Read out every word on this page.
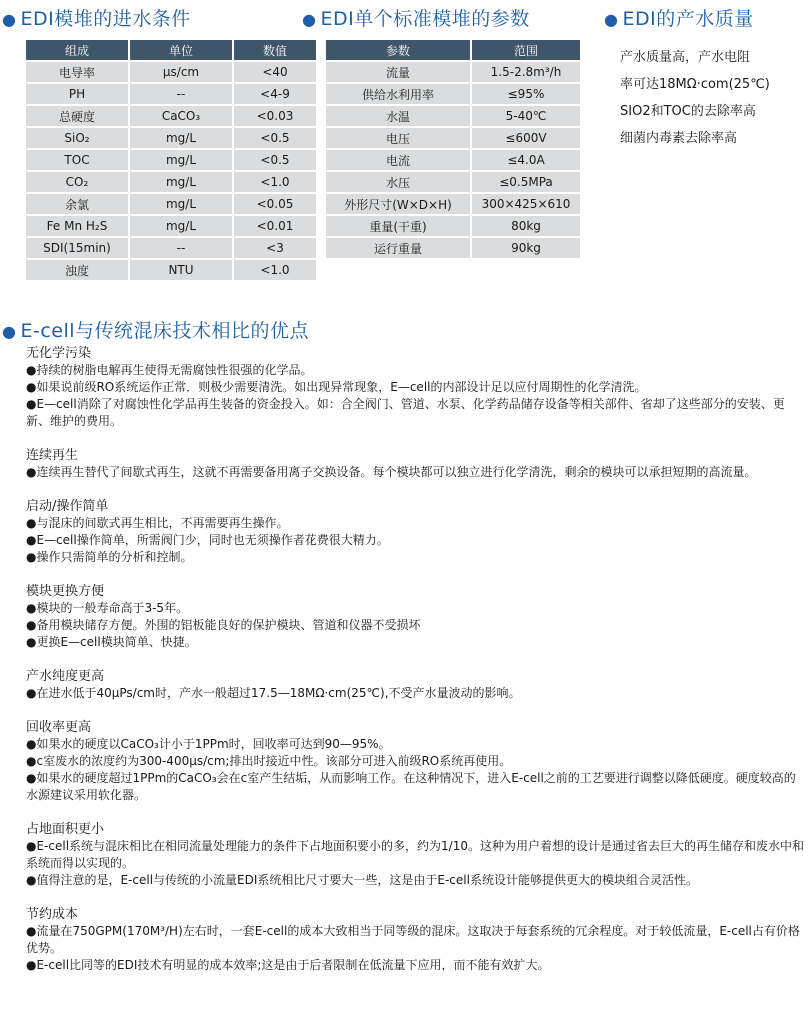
● EDI模堆的进水条件	● EDI单个标准模堆的参数	● EDI的产水质量
组成	单位	数值
电导率	μs/cm	<40
PH	--	<4-9
总硬度	CaCO₃	<0.03
SiO₂	mg/L	<0.5
TOC	mg/L	<0.5
CO₂	mg/L	<1.0
余氯	mg/L	<0.05
Fe Mn H₂S	mg/L	<0.01
SDI(15min)	--	<3
浊度	NTU	<1.0
参数	范围
流量	1.5-2.8m³/h
供给水利用率	≤95%
水温	5-40℃
电压	≤600V
电流	≤4.0A
水压	≤0.5MPa
外形尺寸(W×D×H)	300×425×610
重量(干重)	80kg
运行重量	90kg

产水质量高，产水电阻

率可达18MΩ·com(25℃)

SIO2和TOC的去除率高

细菌内毒素去除率高

● E-cell与传统混床技术相比的优点
无化学污染
●持续的树脂电解再生使得无需腐蚀性很强的化学品。
●如果说前级RO系统运作正常．则极少需要清洗。如出现异常现象，E—cell的内部设计足以应付周期性的化学清洗。
●E—cell消除了对腐蚀性化学品再生装备的资金投入。如：合全阀门、管道、水泵、化学药品储存设备等相关部件、省却了这些部分的安装、更新、维护的费用。
连续再生
●连续再生替代了间歇式再生，这就不再需要备用离子交换设备。每个模块都可以独立进行化学清洗，剩余的模块可以承担短期的高流量。
启动/操作简单
●与混床的间歇式再生相比，不再需要再生操作。
●E—cell操作简单，所需阀门少，同时也无须操作者花费很大精力。
●操作只需简单的分析和控制。
模块更换方便
●模块的一般寿命高于3-5年。
●备用模块储存方便。外围的铝板能良好的保护模块、管道和仪器不受损坏
●更换E—cell模块简单、快捷。
产水纯度更高
●在进水低于40μPs/cm时，产水一般超过17.5—18MΩ·cm(25℃),不受产水量波动的影响。
回收率更高
●如果水的硬度以CaCO₃计小于1PPm时，回收率可达到90—95%。
●c室废水的浓度约为300-400μs/cm;排出时接近中性。该部分可进入前级RO系统再使用。
●如果水的硬度超过1PPm的CaCO₃会在c室产生结垢，从而影响工作。在这种情况下，进入E-cell之前的工艺要进行调整以降低硬度。硬度较高的水源建议采用软化器。
占地面积更小
●E-cell系统与混床相比在相同流量处理能力的条件下占地面积要小的多，约为1/10。这种为用户着想的设计是通过省去巨大的再生储存和废水中和系统而得以实现的。
●值得注意的是，E-cell与传统的小流量EDI系统相比尺寸要大一些，这是由于E-cell系统设计能够提供更大的模块组合灵活性。
节约成本
●流量在750GPM(170M³/H)左右时，一套E-cell的成本大致相当于同等级的混床。这取决于每套系统的冗余程度。对于较低流量，E-cell占有价格优势。
●E-cell比同等的EDI技术有明显的成本效率;这是由于后者限制在低流量下应用，而不能有效扩大。
